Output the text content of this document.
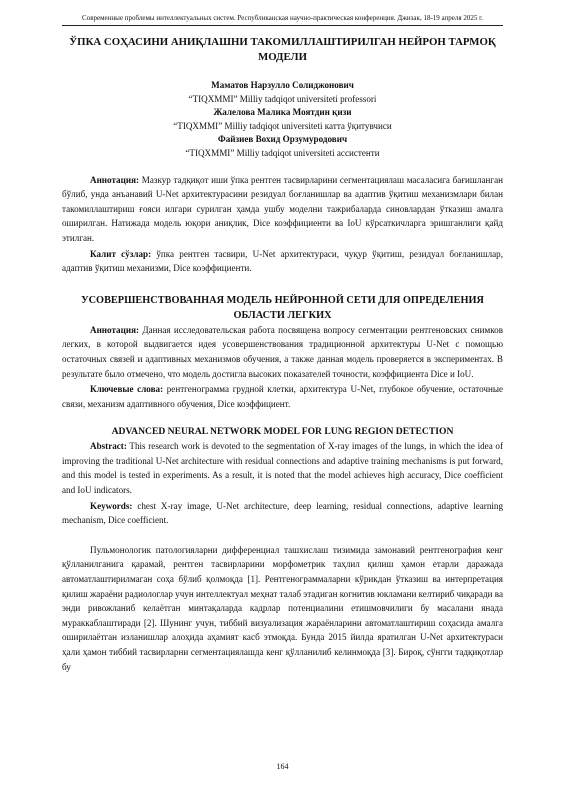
Современные проблемы интеллектуальных систем. Республиканская научно-практическая конференция. Джизак, 18-19 апреля 2025 г.
ЎПКА СОҲАСИНИ АНИҚЛАШНИ ТАКОМИЛЛАШТИРИЛГАН НЕЙРОН ТАРМОҚ МОДЕЛИ
Маматов Нарзулло Солиджонович
“TIQXMMI” Milliy tadqiqot universiteti professori
Жалелова Малика Моятдин қизи
“TIQXMMI” Milliy tadqiqot universiteti катта ўқитувчиси
Файзиев Вохид Орзумуродович
“TIQXMMI” Milliy tadqiqot universiteti ассистенти

Аннотация: Мазкур тадқиқот иши ўпка рентген тасвирларини сегментациялаш масаласига бағишланган бўлиб, унда анъанавий U-Net архитектурасини резидуал боғланишлар ва адаптив ўқитиш механизмлари билан такомиллаштириш ғояси илгари сурилган ҳамда ушбу моделни тажрибаларда синовлардан ўтказиш амалга оширилган. Натижада модель юқори аниқлик, Dice коэффициенти ва IoU кўрсаткичларга эришганлиги қайд этилган.

Калит сўзлар: ўпка рентген тасвири, U-Net архитектураси, чуқур ўқитиш, резидуал боғланишлар, адаптив ўқитиш механизми, Dice коэффициенти.

УСОВЕРШЕНСТВОВАННАЯ МОДЕЛЬ НЕЙРОННОЙ СЕТИ ДЛЯ ОПРЕДЕЛЕНИЯ ОБЛАСТИ ЛЕГКИХ

Аннотация: Данная исследовательская работа посвящена вопросу сегментации рентгеновских снимков легких, в которой выдвигается идея усовершенствования традиционной архитектуры U-Net с помощью остаточных связей и адаптивных механизмов обучения, а также данная модель проверяется в экспериментах. В результате было отмечено, что модель достигла высоких показателей точности, коэффициента Dice и IoU.

Ключевые слова: рентгенограмма грудной клетки, архитектура U-Net, глубокое обучение, остаточные связи, механизм адаптивного обучения, Dice коэффициент.

ADVANCED NEURAL NETWORK MODEL FOR LUNG REGION DETECTION

Abstract: This research work is devoted to the segmentation of X-ray images of the lungs, in which the idea of improving the traditional U-Net architecture with residual connections and adaptive training mechanisms is put forward, and this model is tested in experiments. As a result, it is noted that the model achieves high accuracy, Dice coefficient and IoU indicators.

Keywords: chest X-ray image, U-Net architecture, deep learning, residual connections, adaptive learning mechanism, Dice coefficient.

Пульмонологик патологияларни дифференциал ташхислаш тизимида замонавий рентгенография кенг қўлланилганига қарамай, рентген тасвирларини морфометрик таҳлил қилиш ҳамон етарли даражада автоматлаштирилмаган соҳа бўлиб қолмоқда [1]. Рентгенограммаларни кўрикдан ўтказиш ва интерпретация қилиш жараёни радиологлар учун интеллектуал меҳнат талаб этадиган когнитив юкламани келтириб чиқаради ва энди ривожланиб келаётган минтақаларда кадрлар потенциалини етишмовчилиги бу масалани янада мураккаблаштиради [2]. Шунинг учун, тиббий визуализация жараёнларини автоматлаштириш соҳасида амалга оширилаётган изланишлар алоҳида аҳамият касб этмоқда. Бунда 2015 йилда яратилган U-Net архитектураси ҳали ҳамон тиббий тасвирларни сегментациялашда кенг қўлланилиб келинмоқда [3]. Бироқ, сўнгги тадқиқотлар бу

164
